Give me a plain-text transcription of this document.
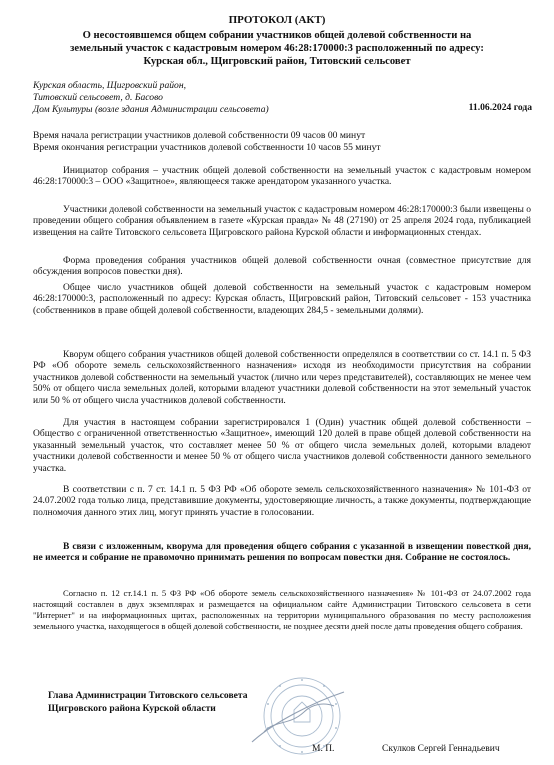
ПРОТОКОЛ (АКТ)
О несостоявшемся общем собрании участников общей долевой собственности на
земельный участок с кадастровым номером 46:28:170000:3 расположенный по адресу:
Курская обл., Щигровский район, Титовский сельсовет
Курская область, Щигровский район,
Титовский сельсовет, д. Басово
Дом Культуры (возле здания Администрации сельсовета)	11.06.2024 года
Время начала регистрации участников долевой собственности 09 часов 00 минут
Время окончания регистрации участников долевой собственности 10 часов 55 минут
Инициатор собрания – участник общей долевой собственности на земельный участок с кадастровым номером 46:28:170000:3 – ООО «Защитное», являющееся также арендатором указанного участка.
Участники долевой собственности на земельный участок с кадастровым номером 46:28:170000:3 были извещены о проведении общего собрания объявлением в газете «Курская правда» № 48 (27190) от 25 апреля 2024 года, публикацией извещения на сайте Титовского сельсовета Щигровского района Курской области и информационных стендах.
Форма проведения собрания участников общей долевой собственности очная (совместное присутствие для обсуждения вопросов повестки дня).
Общее число участников общей долевой собственности на земельный участок с кадастровым номером 46:28:170000:3, расположенный по адресу: Курская область, Щигровский район, Титовский сельсовет - 153 участника (собственников в праве общей долевой собственности, владеющих 284,5 - земельными долями).
Кворум общего собрания участников общей долевой собственности определялся в соответствии со ст. 14.1 п. 5 ФЗ РФ «Об обороте земель сельскохозяйственного назначения» исходя из необходимости присутствия на собрании участников долевой собственности на земельный участок (лично или через представителей), составляющих не менее чем 50% от общего числа земельных долей, которыми владеют участники долевой собственности на этот земельный участок или 50 % от общего числа участников долевой собственности.
Для участия в настоящем собрании зарегистрировался 1 (Один) участник общей долевой собственности – Общество с ограниченной ответственностью «Защитное», имеющий 120 долей в праве общей долевой собственности на указанный земельный участок, что составляет менее 50 % от общего числа земельных долей, которыми владеют участники долевой собственности и менее 50 % от общего числа участников долевой собственности данного земельного участка.
В соответствии с п. 7 ст. 14.1 п. 5 ФЗ РФ «Об обороте земель сельскохозяйственного назначения» № 101-ФЗ от 24.07.2002 года только лица, представившие документы, удостоверяющие личность, а также документы, подтверждающие полномочия данного этих лиц, могут принять участие в голосовании.
В связи с изложенным, кворума для проведения общего собрания с указанной в извещении повесткой дня, не имеется и собрание не правомочно принимать решения по вопросам повестки дня. Собрание не состоялось.
Согласно п. 12 ст.14.1 п. 5 ФЗ РФ «Об обороте земель сельскохозяйственного назначения» № 101-ФЗ от 24.07.2002 года настоящий составлен в двух экземплярах и размещается на официальном сайте Администрации Титовского сельсовета в сети "Интернет" и на информационных щитах, расположенных на территории муниципального образования по месту расположения земельного участка, находящегося в общей долевой собственности, не позднее десяти дней после даты проведения общего собрания.
Глава Администрации Титовского сельсовета
Щигровского района Курской области
М. П.	Скулков Сергей Геннадьевич
